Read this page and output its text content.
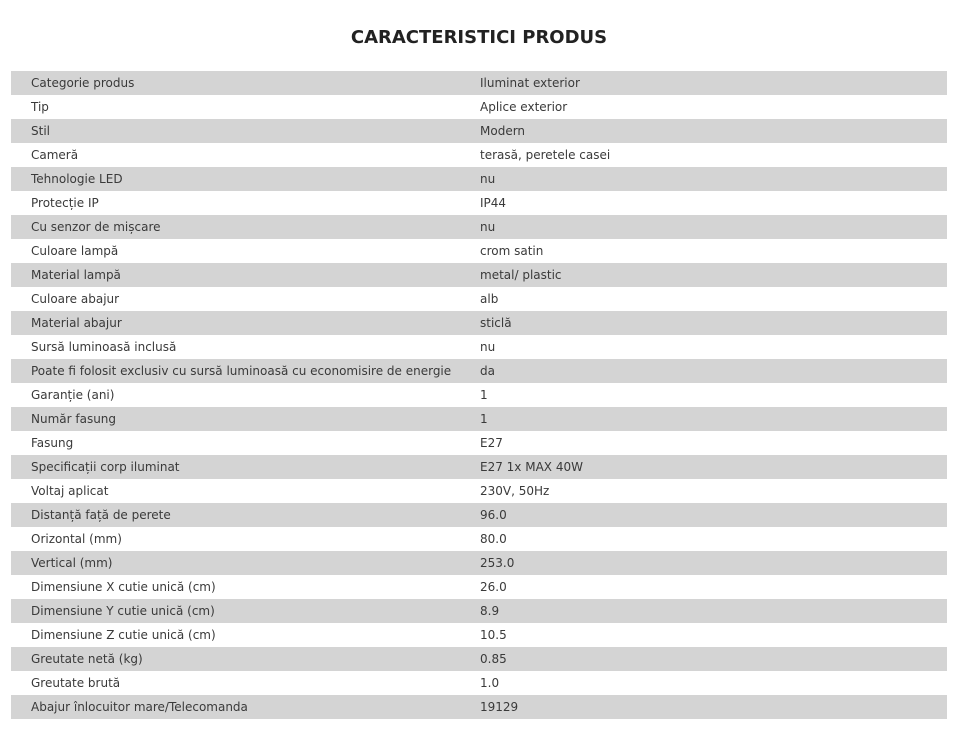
CARACTERISTICI PRODUS
Categorie produs	Iluminat exterior
Tip	Aplice exterior
Stil	Modern
Cameră	terasă, peretele casei
Tehnologie LED	nu
Protecție IP	IP44
Cu senzor de mișcare	nu
Culoare lampă	crom satin
Material lampă	metal/ plastic
Culoare abajur	alb
Material abajur	sticlă
Sursă luminoasă inclusă	nu
Poate fi folosit exclusiv cu sursă luminoasă cu economisire de energie	da
Garanție (ani)	1
Număr fasung	1
Fasung	E27
Specificații corp iluminat	E27 1x MAX 40W
Voltaj aplicat	230V, 50Hz
Distanță față de perete	96.0
Orizontal (mm)	80.0
Vertical (mm)	253.0
Dimensiune X cutie unică (cm)	26.0
Dimensiune Y cutie unică (cm)	8.9
Dimensiune Z cutie unică (cm)	10.5
Greutate netă (kg)	0.85
Greutate brută	1.0
Abajur înlocuitor mare/Telecomanda	19129
